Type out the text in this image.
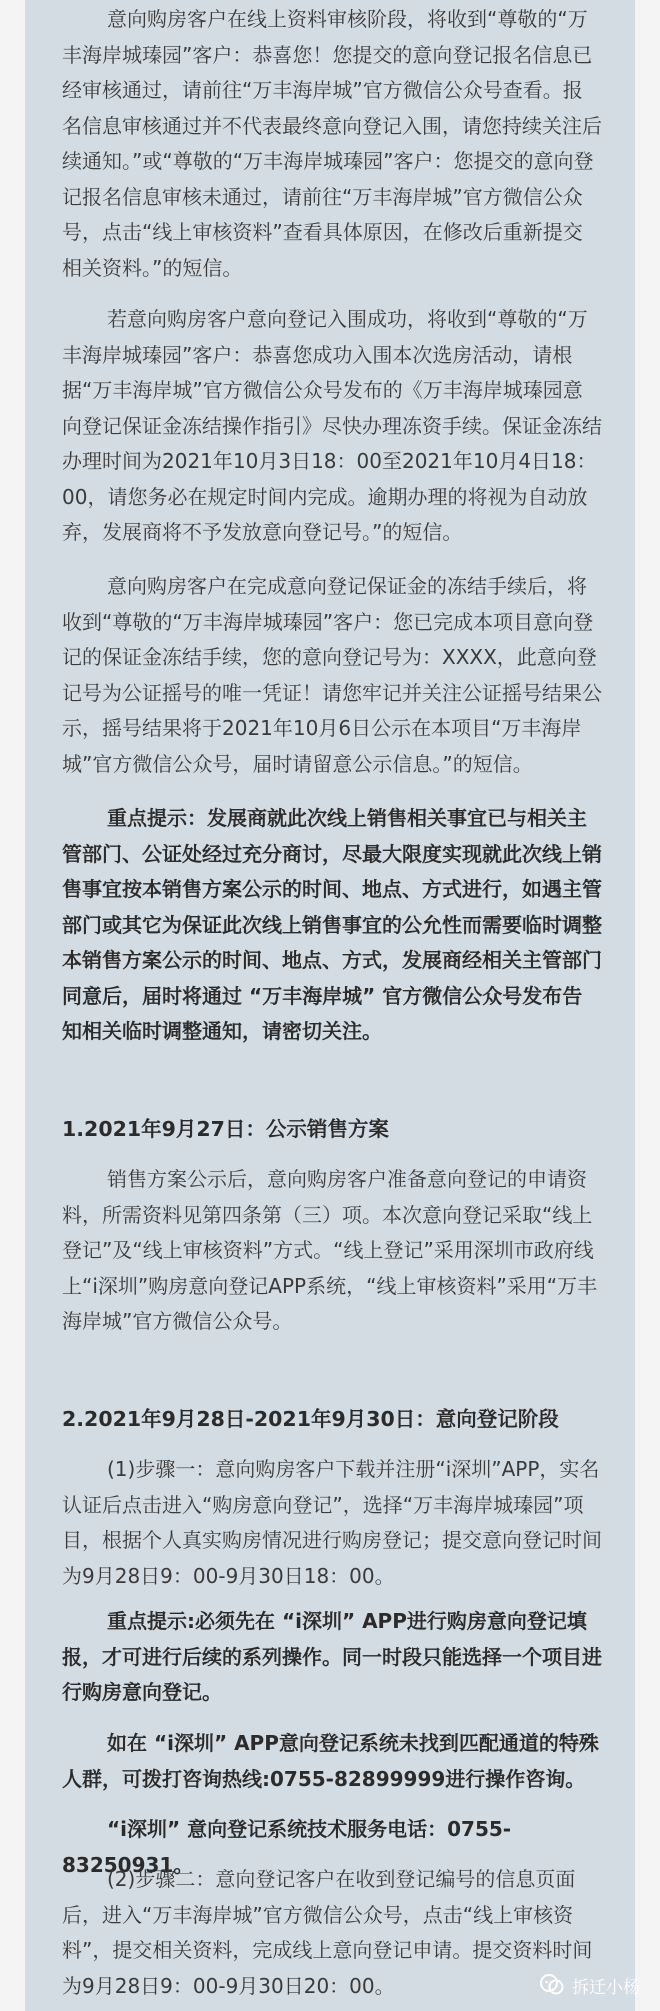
意向购房客户在线上资料审核阶段，将收到“尊敬的“万丰海岸城瑧园”客户：恭喜您！您提交的意向登记报名信息已经审核通过，请前往“万丰海岸城”官方微信公众号查看。报名信息审核通过并不代表最终意向登记入围，请您持续关注后续通知。”或“尊敬的“万丰海岸城瑧园”客户：您提交的意向登记报名信息审核未通过，请前往“万丰海岸城”官方微信公众号，点击“线上审核资料”查看具体原因，在修改后重新提交相关资料。”的短信。

若意向购房客户意向登记入围成功，将收到“尊敬的“万丰海岸城瑧园”客户：恭喜您成功入围本次选房活动，请根据“万丰海岸城”官方微信公众号发布的《万丰海岸城瑧园意向登记保证金冻结操作指引》尽快办理冻资手续。保证金冻结办理时间为2021年10月3日18：00至2021年10月4日18：00，请您务必在规定时间内完成。逾期办理的将视为自动放弃，发展商将不予发放意向登记号。”的短信。

意向购房客户在完成意向登记保证金的冻结手续后，将收到“尊敬的“万丰海岸城瑧园”客户：您已完成本项目意向登记的保证金冻结手续，您的意向登记号为：XXXX，此意向登记号为公证摇号的唯一凭证！请您牢记并关注公证摇号结果公示，摇号结果将于2021年10月6日公示在本项目“万丰海岸城”官方微信公众号，届时请留意公示信息。”的短信。

重点提示：发展商就此次线上销售相关事宜已与相关主管部门、公证处经过充分商讨，尽最大限度实现就此次线上销售事宜按本销售方案公示的时间、地点、方式进行，如遇主管部门或其它为保证此次线上销售事宜的公允性而需要临时调整本销售方案公示的时间、地点、方式，发展商经相关主管部门同意后，届时将通过 “万丰海岸城” 官方微信公众号发布告知相关临时调整通知，请密切关注。

1.2021年9月27日：公示销售方案

销售方案公示后，意向购房客户准备意向登记的申请资料，所需资料见第四条第（三）项。本次意向登记采取“线上登记”及“线上审核资料”方式。“线上登记”采用深圳市政府线上“i深圳”购房意向登记APP系统，“线上审核资料”采用“万丰海岸城”官方微信公众号。

2.2021年9月28日-2021年9月30日：意向登记阶段

(1)步骤一：意向购房客户下载并注册“i深圳”APP，实名认证后点击进入“购房意向登记”，选择“万丰海岸城瑧园”项目，根据个人真实购房情况进行购房登记；提交意向登记时间为9月28日9：00-9月30日18：00。

重点提示:必须先在 “i深圳” APP进行购房意向登记填报，才可进行后续的系列操作。同一时段只能选择一个项目进行购房意向登记。

如在 “i深圳” APP意向登记系统未找到匹配通道的特殊人群，可拨打咨询热线:0755-82899999进行操作咨询。

“i深圳” 意向登记系统技术服务电话：0755-83250931。

(2)步骤二：意向登记客户在收到登记编号的信息页面后，进入“万丰海岸城”官方微信公众号，点击“线上审核资料”，提交相关资料，完成线上意向登记申请。提交资料时间为9月28日9：00-9月30日20：00。	拆迁小杨
